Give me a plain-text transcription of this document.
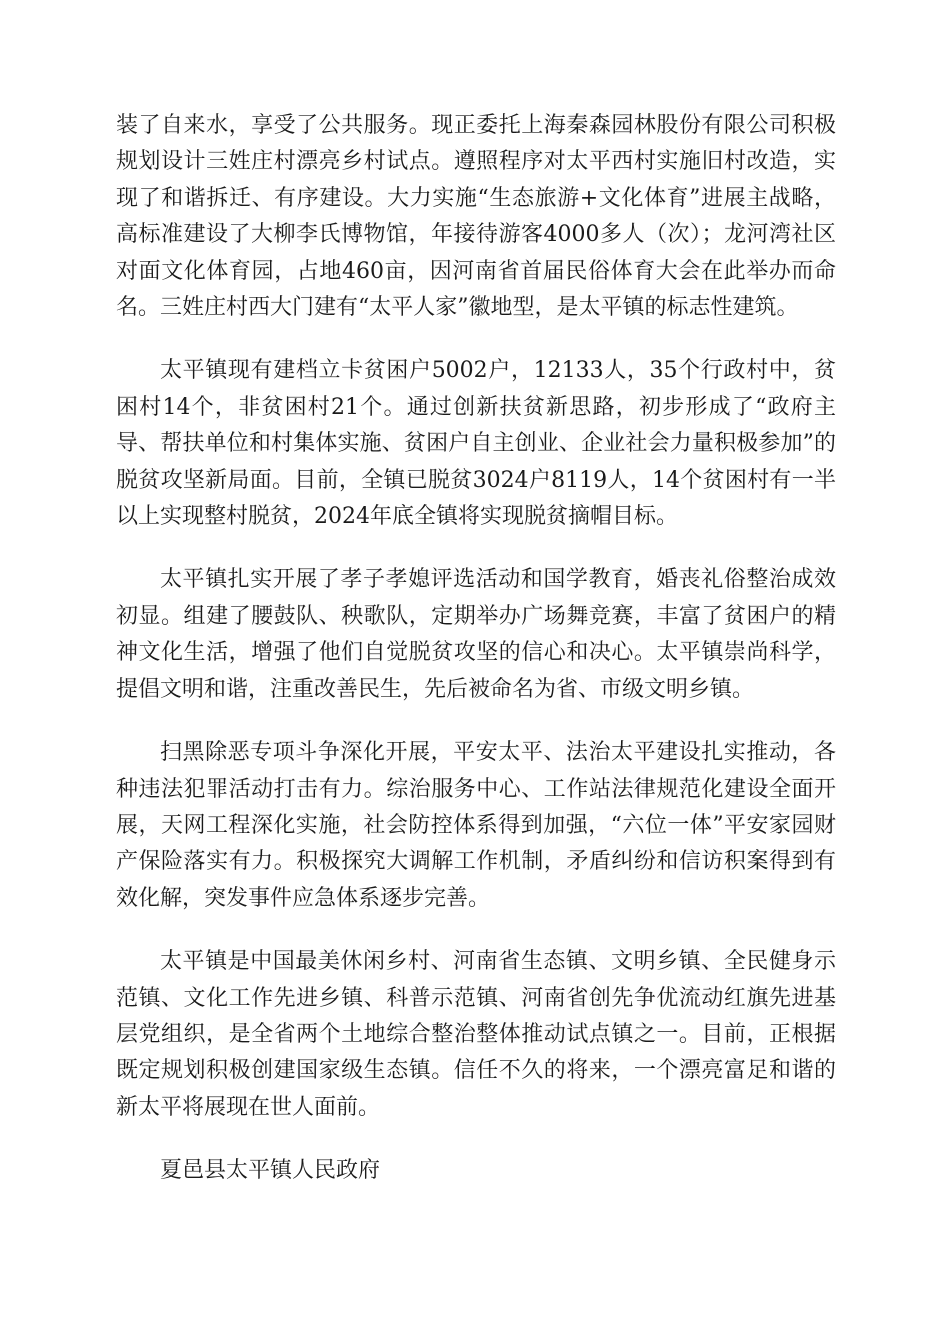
装了自来水，享受了公共服务。现正委托上海秦森园林股份有限公司积极规划设计三姓庄村漂亮乡村试点。遵照程序对太平西村实施旧村改造，实现了和谐拆迁、有序建设。大力实施“生态旅游+文化体育”进展主战略，高标准建设了大柳李氏博物馆，年接待游客4000多人（次）；龙河湾社区对面文化体育园，占地460亩，因河南省首届民俗体育大会在此举办而命名。三姓庄村西大门建有“太平人家”徽地型，是太平镇的标志性建筑。

太平镇现有建档立卡贫困户5002户，12133人，35个行政村中，贫困村14个，非贫困村21个。通过创新扶贫新思路，初步形成了“政府主导、帮扶单位和村集体实施、贫困户自主创业、企业社会力量积极参加”的脱贫攻坚新局面。目前，全镇已脱贫3024户8119人，14个贫困村有一半以上实现整村脱贫，2024年底全镇将实现脱贫摘帽目标。

太平镇扎实开展了孝子孝媳评选活动和国学教育，婚丧礼俗整治成效初显。组建了腰鼓队、秧歌队，定期举办广场舞竞赛，丰富了贫困户的精神文化生活，增强了他们自觉脱贫攻坚的信心和决心。太平镇崇尚科学，提倡文明和谐，注重改善民生，先后被命名为省、市级文明乡镇。

扫黑除恶专项斗争深化开展，平安太平、法治太平建设扎实推动，各种违法犯罪活动打击有力。综治服务中心、工作站法律规范化建设全面开展，天网工程深化实施，社会防控体系得到加强，“六位一体”平安家园财产保险落实有力。积极探究大调解工作机制，矛盾纠纷和信访积案得到有效化解，突发事件应急体系逐步完善。

太平镇是中国最美休闲乡村、河南省生态镇、文明乡镇、全民健身示范镇、文化工作先进乡镇、科普示范镇、河南省创先争优流动红旗先进基层党组织，是全省两个土地综合整治整体推动试点镇之一。目前，正根据既定规划积极创建国家级生态镇。信任不久的将来，一个漂亮富足和谐的新太平将展现在世人面前。

夏邑县太平镇人民政府
